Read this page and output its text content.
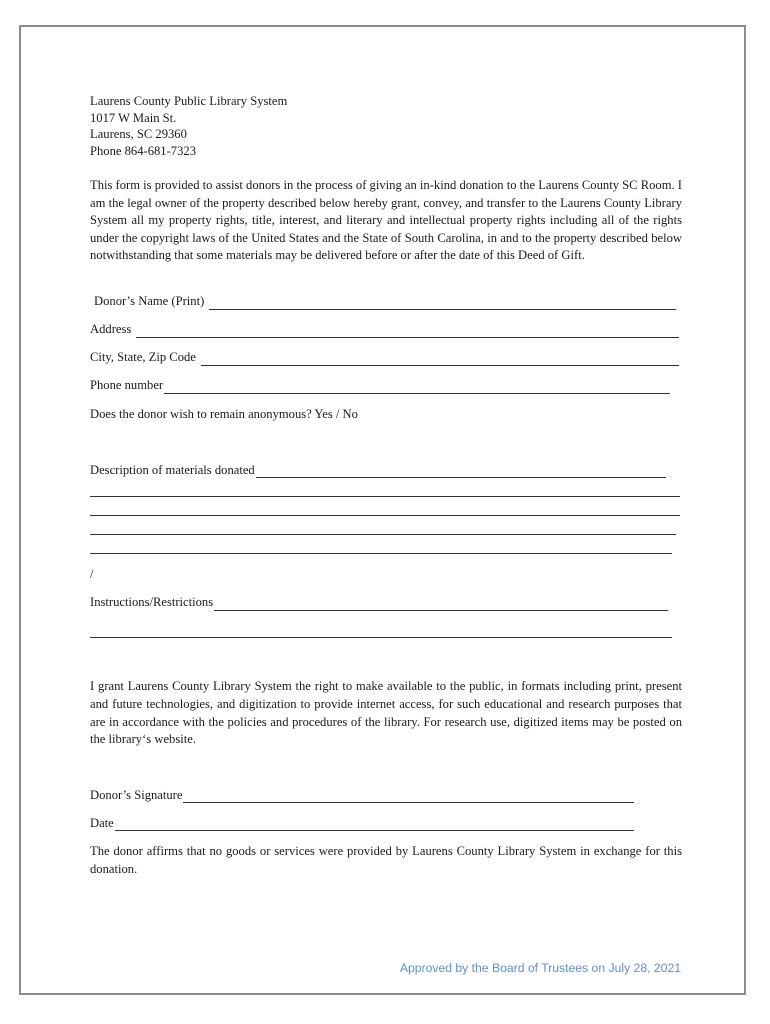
Laurens County Public Library System
1017 W Main St.
Laurens, SC 29360
Phone 864-681-7323
This form is provided to assist donors in the process of giving an in-kind donation to the Laurens County SC Room. I am the legal owner of the property described below hereby grant, convey, and transfer to the Laurens County Library System all my property rights, title, interest, and literary and intellectual property rights including all of the rights under the copyright laws of the United States and the State of South Carolina, in and to the property described below notwithstanding that some materials may be delivered before or after the date of this Deed of Gift.
Donor’s Name (Print)
Address
City, State, Zip Code
Phone number
Does the donor wish to remain anonymous? Yes / No
Description of materials donated
/
Instructions/Restrictions
I grant Laurens County Library System the right to make available to the public, in formats including print, present and future technologies, and digitization to provide internet access, for such educational and research purposes that are in accordance with the policies and procedures of the library. For research use, digitized items may be posted on the library‘s website.
Donor’s Signature
Date
The donor affirms that no goods or services were provided by Laurens County Library System in exchange for this donation.
Approved by the Board of Trustees on July 28, 2021
